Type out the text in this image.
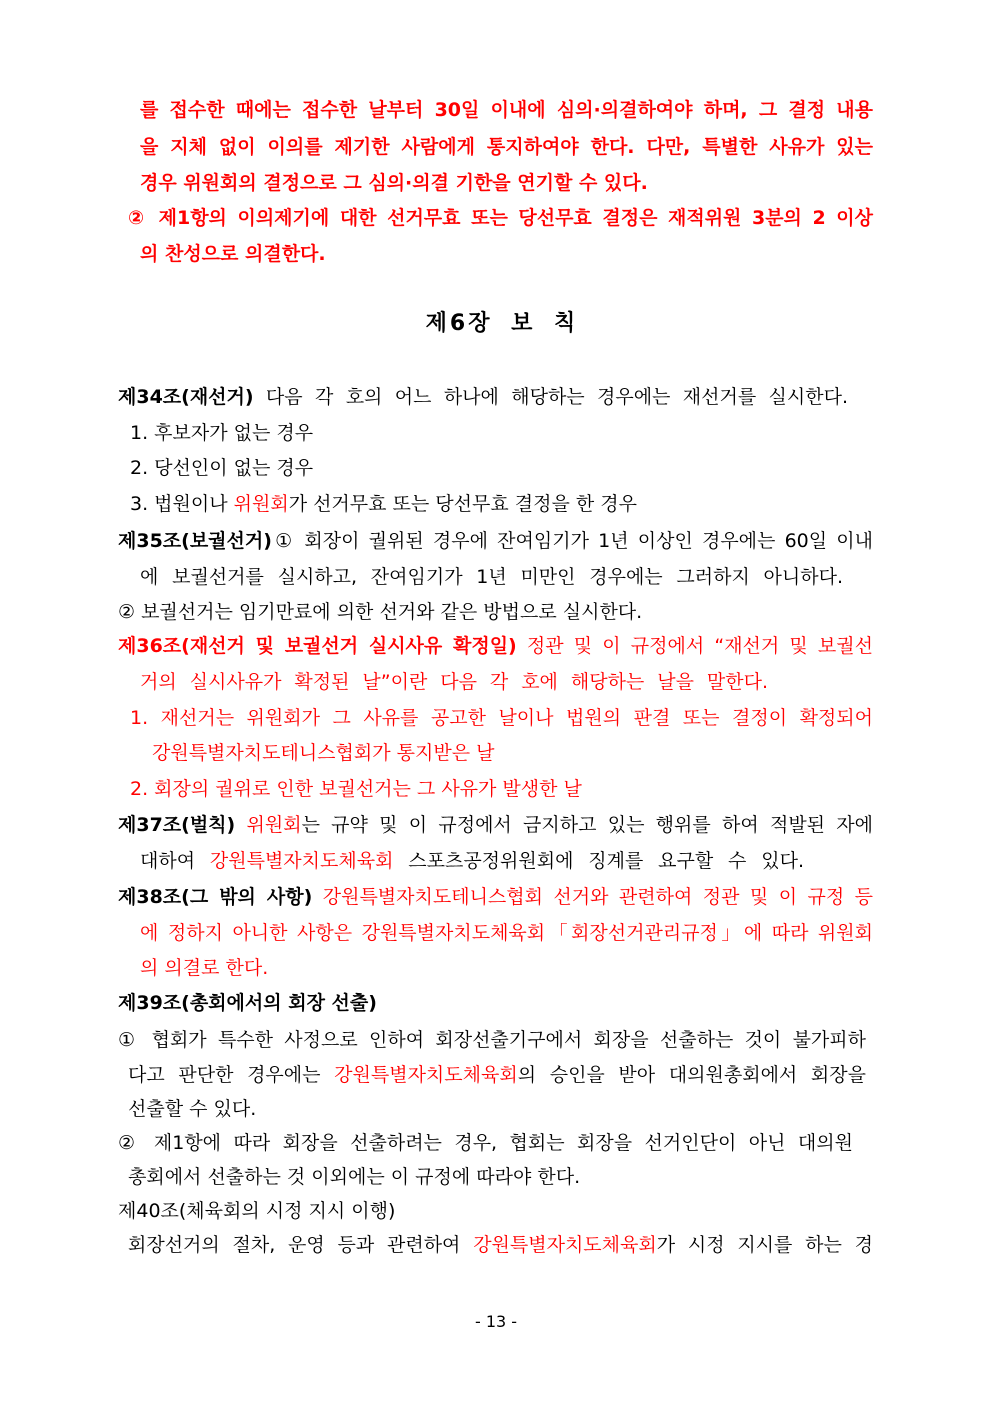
를 접수한 때에는 접수한 날부터 30일 이내에 심의·의결하여야 하며, 그 결정 내용
을 지체 없이 이의를 제기한 사람에게 통지하여야 한다. 다만, 특별한 사유가 있는
경우 위원회의 결정으로 그 심의·의결 기한을 연기할 수 있다.
② 제1항의 이의제기에 대한 선거무효 또는 당선무효 결정은 재적위원 3분의 2 이상
의 찬성으로 의결한다.
제6장 보 칙
제34조(재선거) 다음 각 호의 어느 하나에 해당하는 경우에는 재선거를 실시한다.
1. 후보자가 없는 경우
2. 당선인이 없는 경우
3. 법원이나 위원회가 선거무효 또는 당선무효 결정을 한 경우
제35조(보궐선거)① 회장이 궐위된 경우에 잔여임기가 1년 이상인 경우에는 60일 이내
에 보궐선거를 실시하고, 잔여임기가 1년 미만인 경우에는 그러하지 아니하다.
② 보궐선거는 임기만료에 의한 선거와 같은 방법으로 실시한다.
제36조(재선거 및 보궐선거 실시사유 확정일) 정관 및 이 규정에서 “재선거 및 보궐선
거의 실시사유가 확정된 날”이란 다음 각 호에 해당하는 날을 말한다.
1. 재선거는 위원회가 그 사유를 공고한 날이나 법원의 판결 또는 결정이 확정되어
강원특별자치도테니스협회가 통지받은 날
2. 회장의 궐위로 인한 보궐선거는 그 사유가 발생한 날
제37조(벌칙) 위원회는 규약 및 이 규정에서 금지하고 있는 행위를 하여 적발된 자에
대하여 강원특별자치도체육회 스포츠공정위원회에 징계를 요구할 수 있다.
제38조(그 밖의 사항) 강원특별자치도테니스협회 선거와 관련하여 정관 및 이 규정 등
에 정하지 아니한 사항은 강원특별자치도체육회「회장선거관리규정」에 따라 위원회
의 의결로 한다.
제39조(총회에서의 회장 선출)
① 협회가 특수한 사정으로 인하여 회장선출기구에서 회장을 선출하는 것이 불가피하
다고 판단한 경우에는 강원특별자치도체육회의 승인을 받아 대의원총회에서 회장을
선출할 수 있다.
② 제1항에 따라 회장을 선출하려는 경우, 협회는 회장을 선거인단이 아닌 대의원
총회에서 선출하는 것 이외에는 이 규정에 따라야 한다.
제40조(체육회의 시정 지시 이행)
회장선거의 절차, 운영 등과 관련하여 강원특별자치도체육회가 시정 지시를 하는 경
- 13 -
